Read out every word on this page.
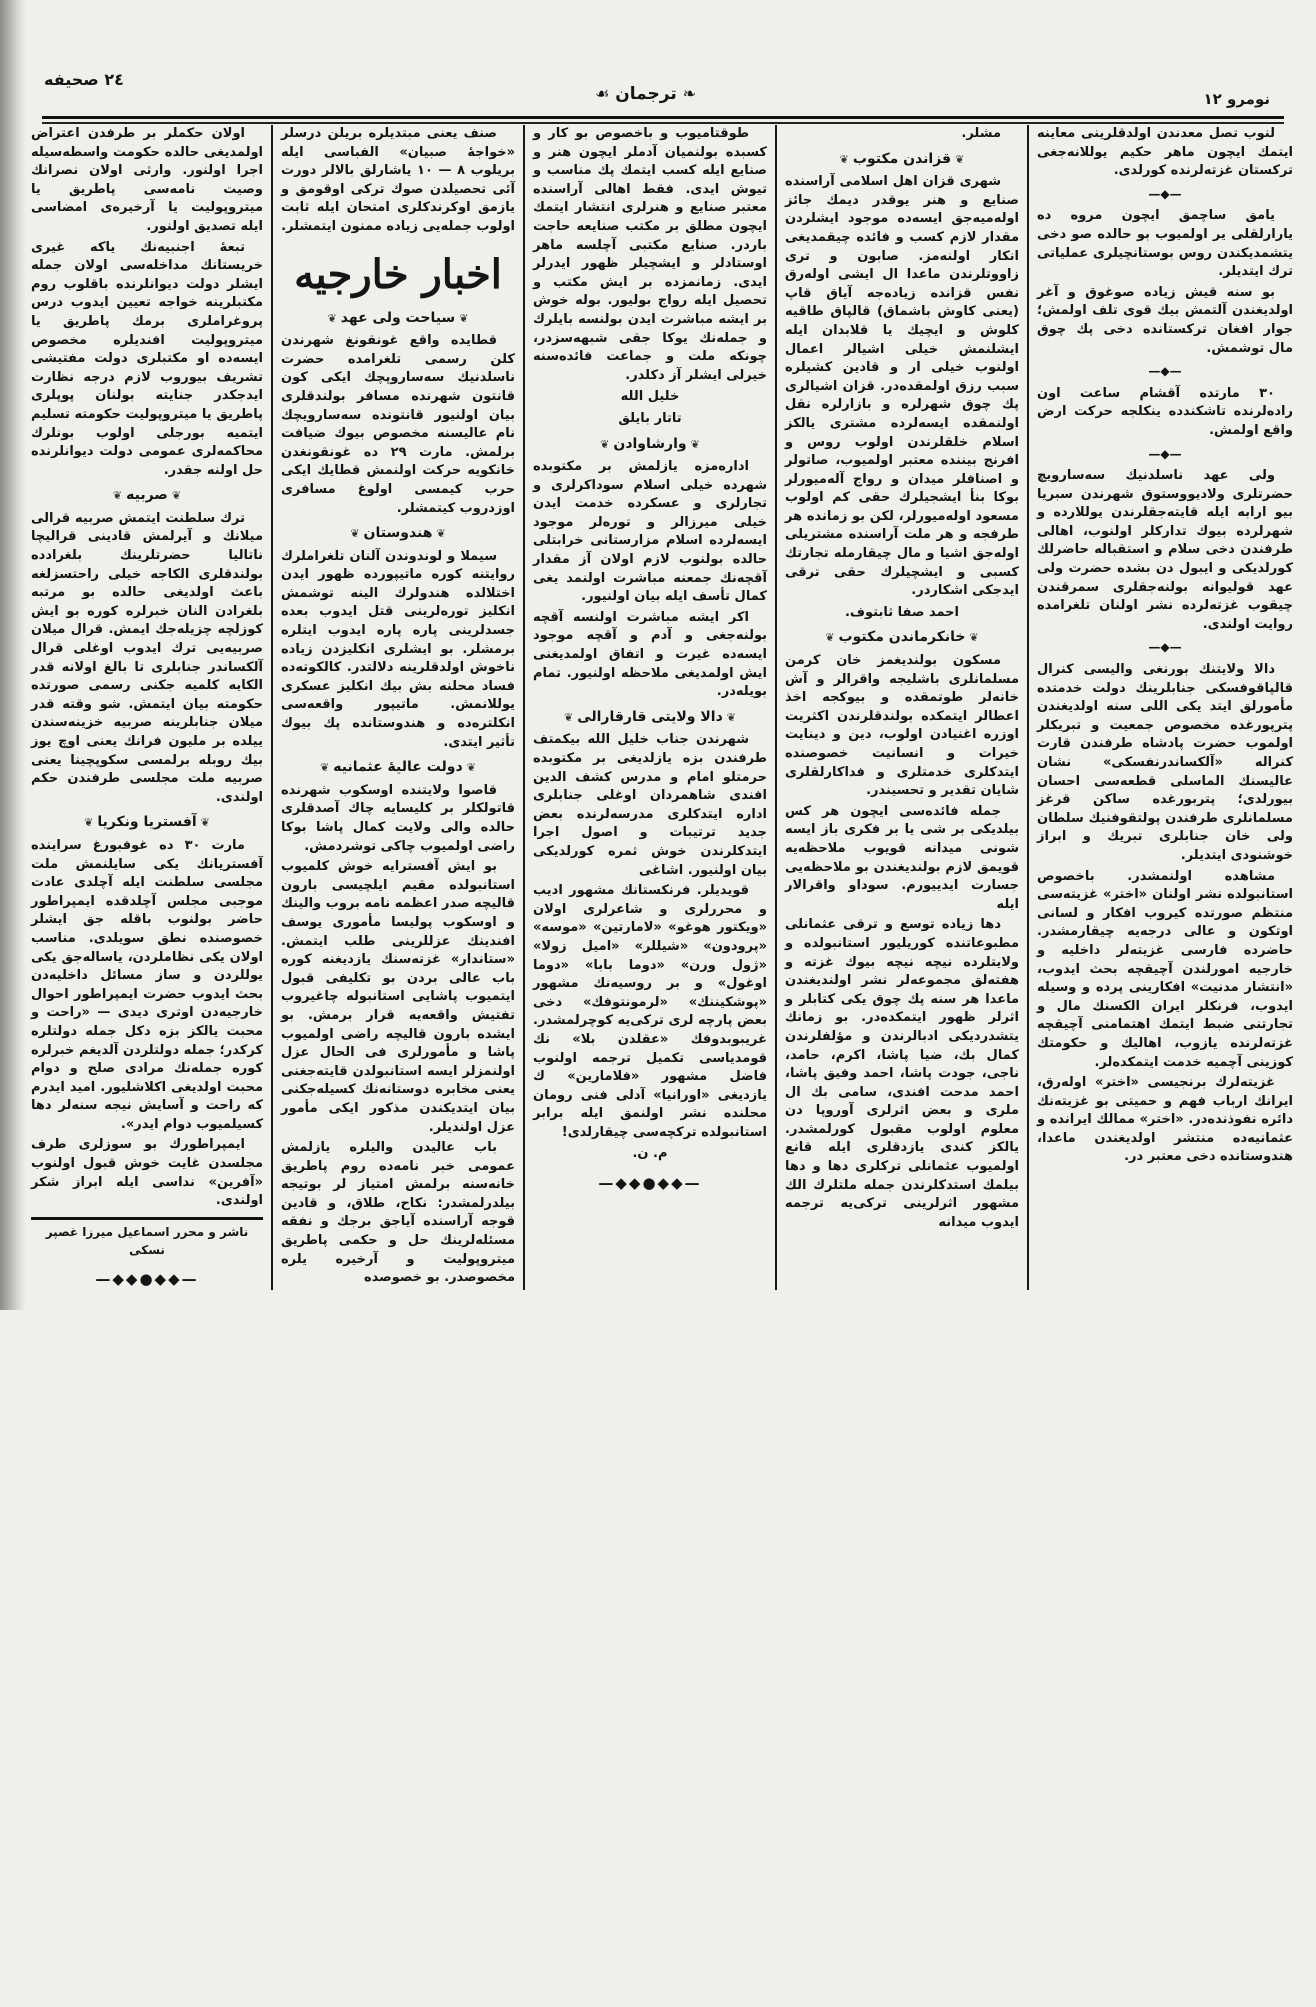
٢٤ صحيفه
❧ ترجمان ☙	نومرو ١٢

اولان حکملر بر طرفدن اعتراض اولمدیغی حالده حکومت واسطه‌سیله اجرا اولنور. وارثی اولان نصرانك وصیت نامه‌سی پاطریق یا میتروپولیت یا آرخیره‌ی امضاسی ایله تصدیق اولنور.

تبعهٔ اجنبیه‌نك یاکه غیری خریستانك مداخله‌سی اولان جمله ایشلر دولت دیوانلرنده باقلوب روم مکتبلرینه خواجه تعیین ایدوب درس پروغراملری برمك پاطریق یا میتروپولیت افندیلره مخصوص ایسه‌ده او مکتبلری دولت مفتیشی تشریف بیوروب لازم درجه نظارت ایدجکدر جنایته بولنان پوپلری پاطریق یا میتروپولیت حکومته تسلیم ایتمیه بورجلی اولوب بونلرك محاکمه‌لری عمومی دولت دیوانلرنده حل اولنه جقدر.

❦صربیه❦

ترك سلطنت ایتمش صربیه قرالی میلانك و آیرلمش قادینی قرالیچا ناتالیا حضرتلرینك بلغرادده بولندقلری الکاجه خیلی راحتسزلغه باعث اولدیغی حالده بو مرتبه بلغرادن النان خبرلره کوره بو ایش کوزلچه چزیله‌جك ایمش. قرال میلان صربیه‌یی ترك ایدوب اوغلی قرال آلکساندر جنابلری تا بالغ اولانه قدر الکایه کلمیه جکنی رسمی صورتده حکومته بیان ایتمش. شو وقته قدر میلان جنابلرینه صربیه خزینه‌سندن ییلده بر ملیون فرانك یعنی اوچ یوز بیك روبله برلمسی سکوپچینا یعنی صربیه ملت مجلسی طرفندن حکم اولندی.

❦آفستریا ونکریا❦

مارت ٣٠ ده غوفبورغ سراینده آفستریانك یکی سایلنمش ملت مجلسی سلطنت ایله آچلدی عادت موجبی مجلس آچلدقده ایمپراطور حاضر بولنوب باقله جق ایشلر خصوصنده نطق سویلدی. مناسب اولان یکی نظاملردن، یاساله‌جق یکی یوللردن و ساز مسائل داخلیه‌دن بحث ایدوب حضرت ایمپراطور احوال خارجیه‌دن اوتری دیدی — «راحت و محبت یالکز بزه دکل جمله دولتلره کرکدر؛ جمله دولتلردن آلدیغم خبرلره کوره جمله‌نك مرادی صلح و دوام محبت اولدیغی اکلاشلیور. امید ایدرم که راحت و آسایش نیجه سنه‌لر دها کسیلمیوب دوام ایدر».

ایمپراطورك بو سوزلری طرف مجلسدن غایت خوش قبول اولنوب «آفرین» نداسی ایله ابراز شکر اولندی.

ناشر و محرر اسماعیل میرزا غصپر نسکی
—◆◆●◆◆—

صنف یعنی مبتدیلره بریلن درسلر «خواجهٔ صبیان» الفباسی ایله بریلوب ٨ — ١٠ یاشارلق بالالر دورت آئی تحصیلدن صوك ترکی اوقومق و یازمق اوکرندکلری امتحان ایله ثابت اولوب جمله‌یی زیاده ممنون ایتمشلر.

اخبار خارجیه
❦سیاحت ولی عهد❦

قطایده واقع غونقونغ شهرندن کلن رسمی تلغرامده حضرت ناسلدنیك سه‌ساروپچك ایکی کون قانتون شهرنده مسافر بولندقلری بیان اولنیور قانتونده سه‌سارویچك نام عالیسنه مخصوص بیوك ضیافت برلمش. مارت ٢٩ ده غونقونغدن خانکویه حرکت اولنمش قطایك ایکی حرب کیمسی اولوغ مسافری اوزدروب کیتمشلر.

❦هندوستان❦

سیملا و لوندوندن آلنان تلغراملرك روایتنه کوره ماتیپورده ظهور ایدن اختلالده هندولرك الینه توشمش انکلیز توره‌لرینی قتل ایدوب بعده جسدلرینی پاره پاره ایدوب ایتلره برمشلر. بو ایشلری انکلیزدن زیاده ناخوش اولدقلرینه دلالتدر. کالکوته‌ده فساد محلنه بش بیك انکلیز عسکری یوللانمش. ماتیپور واقعه‌سی انکلتره‌ده و هندوستانده پك بیوك تأثیر ایتدی.

❦دولت عالیهٔ عثمانیه❦

قاصوا ولایتنده اوسکوب شهرنده قاتولکلر بر کلیسایه چاك آصدقلری حالده والی ولایت کمال پاشا بوکا راضی اولمیوب چاکی توشردمش.

بو ایش آفسترایه خوش کلمیوب استانبولده مقیم ایلچیسی بارون قالیچه صدر اعظمه نامه بروب والینك و اوسکوب پولیسا مأموری یوسف افندینك عزللرینی طلب ایتمش. «ستاندار» غزته‌سنك یازدیغنه کوره باب عالی بردن بو تکلیفی قبول ایتمیوب پاشایی استانبوله چاغیروب تفتیش واقعه‌یه قرار برمش. بو ایشده بارون قالیچه راضی اولمیوب پاشا و مأمورلری فی الحال عزل اولنمزلر ایسه استانبولدن قایته‌جغنی یعنی مخابره دوستانه‌نك کسیله‌جکنی بیان ایتدیکندن مذکور ایکی مأمور عزل اولندیلر.

باب عالیدن والیلره یازلمش عمومی خبر نامه‌ده روم پاطریق خانه‌سنه برلمش امتیاز لر بوتیجه بیلدرلمشدر: نکاح، طلاق، و قادین قوجه آراسنده آیاجق برجك و نفقه مسئله‌لرینك حل و حکمی پاطریق میتروپولیت و آرخیره یلره مخصوصدر. بو خصوصده

طوقتامیوب و باخصوص بو کار و کسبده بولنمیان آدملر ایچون هنر و صنایع ایله کسب ایتمك پك مناسب و تیوش ایدی. فقط اهالی آراسنده معتبر صنایع و هنرلری انتشار ایتمك ایچون مطلق بر مکتب صنایعه حاجت باردر. صنایع مکتبی آچلسه ماهر اوستادلر و ایشچیلر ظهور ایدرلر ایدی. زمانمزده بر ایش مکتب و تحصیل ایله رواج بولیور. بوله خوش بر ایشه مباشرت ایدن بولنسه بایلرك و جمله‌نك یوکا جقی شبهه‌سزدر، چونکه ملت و جماعت فائده‌سنه خیرلی ایشلر آز دکلدر.

خلیل الله
تاتار بایلق
❦وارشاوادن❦

اداره‌مزه یازلمش بر مکتوبده شهرده خیلی اسلام سوداکرلری و تجارلری و عسکرده خدمت ایدن خیلی میرزالر و توره‌لر موجود ایسه‌لرده اسلام مزارستانی خرابتلی حالده بولنوب لازم اولان آز مقدار آقچه‌نك جمعنه مباشرت اولنمد یغی کمال تأسف ایله بیان اولنیور.

اکر ایشه مباشرت اولنسه آقچه بولنه‌جغی و آدم و آقچه موجود ایسه‌ده غیرت و اتفاق اولمدیغنی ایش اولمدیغی ملاحظه اولنیور. تمام بویله‌در.

❦دالا ولایتی قارقارالی❦

شهرندن جناب خلیل الله بیکمتف طرفندن بزه یازلدیغی بر مکتوبده حرمتلو امام و مدرس کشف الدین افندی شاهمردان اوغلی جنابلری اداره ایتدکلری مدرسه‌لرنده بعض جدید ترتیبات و اصول اجرا ایتدکلرندن خوش ثمره کورلدیکی بیان اولنیور. اشاغی

قویدیلر. فرنکستانك مشهور ادیب و محررلری و شاعرلری اولان «ویکتور هوغو» «لامارتین» «موسه» «پرودون» «شیللر» «امیل زولا» «ژول ورن» «دوما بابا» «دوما اوغول» و بر روسیه‌نك مشهور «پوشکیننك» «لرمونتوفك» دخی بعض پارچه لری ترکی‌یه کوچرلمشدر. غریبوبدوفك «عقلدن بلا» نك قومدیاسی تکمیل ترجمه اولنوب فاضل مشهور «فلامارین» ك یازدیغی «اورانیا» آدلی فنی رومان محلنده نشر اولنمق ایله برابر استانبولده ترکچه‌سی چیقارلدی!

م. ن.
—◆◆●◆◆—

مشلر.

❦قزاندن مکتوب❦

شهری قزان اهل اسلامی آراسنده صنایع و هنر یوقدر دیمك جائز اوله‌میه‌جق ایسه‌ده موجود ایشلردن مقدار لازم کسب و فائده چیقمدیغی انکار اولنه‌مز. صابون و تری زاووتلرندن ماعدا ال ایشی اوله‌رق نفس قزانده زیاده‌جه آیاق قاپ (یعنی کاوش باشماق) قالپاق طاقیه کلوش و ایچیك یا قلابدان ایله ایشلنمش خیلی اشیالر اعمال اولنوب خیلی ار و قادین کشیلره سبب رزق اولمقده‌در. قزان اشیالری پك چوق شهرلره و بازارلره نقل اولنمقده ایسه‌لرده مشتری یالکز اسلام خلقلرندن اولوب روس و افرنج بیننده معتبر اولمیوب، صاتولر و اصنافلر میدان و رواج آله‌میورلر بوکا بنأ ایشجیلرك حقی کم اولوب مسعود اوله‌میورلر، لکن بو زمانده هر طرفجه و هر ملت آراسنده مشتریلی اوله‌جق اشیا و مال چیقارمله تجارتك کسبی و ایشچیلرك حقی ترقی ایدجکی اشکاردر.

احمد صفا ثابتوف.
❦خانکرماندن مکتوب❦

مسکون بولندیغمز خان کرمن مسلمانلری باشلیجه واقرالر و آش خانه‌لر طوتمقده و بیوکجه اخذ اعطالر ایتمکده بولندقلرندن اکثریت اوزره اغنیادن اولوب، دین و دینایت خیرات و انسانیت خصوصنده ایتدکلری خدمتلری و فداکارلقلری شایان تقدیر و تحسیندر.

جمله فائده‌سی ایچون هر کس بیلدیکی بر شی یا بر فکری باز ایسه شونی میدانه قویوب ملاحظه‌یه قویمق لازم بولندیغندن بو ملاحظه‌یی جسارت ایدییورم. سوداو واقرالار ایله

دها زیاده توسع و ترقی عثمانلی مطبوعاتنده کوریلیور استانبولده و ولایتلرده نیچه نیچه بیوك غزته و هفته‌لق مجموعه‌لر نشر اولندیغندن ماعدا هر سنه پك چوق یکی کتابلر و اثرلر ظهور ایتمکده‌در. بو زمانك یتشدردیکی ادبالرندن و مؤلفلرندن کمال بك، ضیا پاشا، اکرم، حامد، ناجی، جودت پاشا، احمد وفیق پاشا، احمد مدحت افندی، سامی بك ال ملری و بعض اثرلری آوروپا دن معلوم اولوب مقبول کورلمشدر. یالکز کندی یازدقلری ایله قانع اولمیوب عثمانلی ترکلری دها و دها بیلمك استدکلرندن جمله ملتلرك الك مشهور اثرلرینی ترکی‌یه ترجمه ایدوب میدانه

لنوب تصل معدندن اولدقلرینی معاینه ایتمك ایچون ماهر حکیم یوللانه‌جغی ترکستان غزته‌لرنده کورلدی.

—◆—

یامق ساچمق ایچون مروه ده یارارلقلی یر اولمیوب بو حالده صو دخی یتشمدیکندن روس بوستانچیلری عملیاتی ترك ایتدیلر.

بو سنه قیش زیاده صوغوق و آغر اولدیغندن آلتمش بیك قوی تلف اولمش؛ جوار افغان ترکستانده دخی پك چوق مال توشمش.

—◆—

٣٠ مارتده آقشام ساعت اون راده‌لرنده تاشکندده ینکلجه حرکت ارض واقع اولمش.

—◆—

ولی عهد ناسلدنیك سه‌سارویچ حضرتلری ولادیووستوق شهرندن سبریا بیو ارابه ایله قایته‌جقلرندن یوللارده و شهرلرده بیوك تدارکلر اولنوب، اهالی طرفندن دخی سلام و استقباله حاضرلك کورلدیکی و ایبول دن بشده حضرت ولی عهد قولیوانه بولنه‌جقلری سمرقندن چیقوب غزته‌لرده نشر اولنان تلغرامده روایت اولندی.

—◆—

دالا ولایتنك بورنغی والیسی کنرال قالپاقوفسکی جنابلرینك دولت خدمتده مأمورلق ایتد یکی اللی سنه اولدیغندن پترپورغده مخصوص جمعیت و تبریکلر اولموب حضرت پادشاه طرفندن قارت کنراله «آلکساندرنفسکی» نشان عالیسنك الماسلی قطعه‌سی احسان بیورلدی؛ پتربورغده ساکن قرغز مسلمانلری طرفندن پولتقوفنیك سلطان ولی خان جنابلری تبریك و ابراز خوشنودی ایتدیلر.

مشاهده اولنمشدر. باخصوص استانبولده نشر اولنان «اختر» غزیته‌سی منتظم صورتده کیروب افکار و لسانی اوتکون و عالی درجه‌یه چیقارمشدر. حاضرده فارسی غزیته‌لر داخلیه و خارجیه امورلندن آچیقچه بحث ایدوب، «انتشار مدنیت» افکارینی پرده و وسیله ایدوب، فرنکلر ایران الکسنك مال و تجارتنی ضبط ایتمك اهتمامنی آچیقچه غزته‌لرنده یازوب، اهالیك و حکومتك کوزینی آچمیه خدمت ایتمکده‌لر.

غزیته‌لرك برنجیسی «اختر» اوله‌رق، ایرانك ارباب فهم و حمیتی بو غزیته‌نك دائره نفوذنده‌در. «اختر» ممالك ایرانده و عثمانیه‌ده منتشر اولدیغندن ماعدا، هندوستانده دخی معتبر در.
